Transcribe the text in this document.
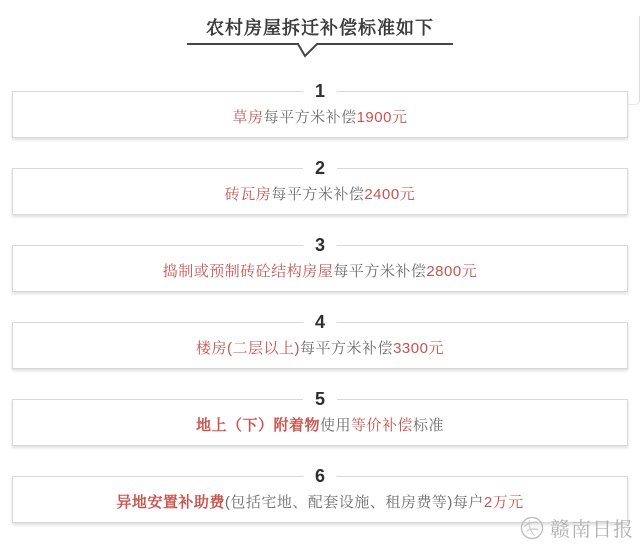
农村房屋拆迁补偿标准如下
1
草房 每平方米补偿 1900元
2
砖瓦房 每平方米补偿 2400元
3
捣制或预制砖砼结构房屋 每平方米补偿 2800元
4
楼房(二层以上) 每平方米补偿 3300元
5
地上（下）附着物 使用 等价补偿 标准
6
异地安置补助费 (包括宅地、配套设施、租房费等)每户 2万元
赣南日报
